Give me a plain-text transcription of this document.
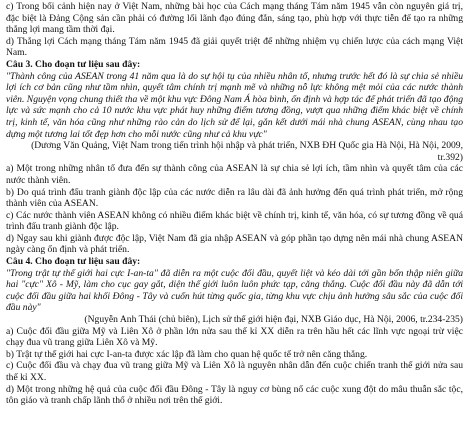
c) Trong bối cảnh hiện nay ở Việt Nam, những bài học của Cách mạng tháng Tám năm 1945 vẫn còn nguyên giá trị, đặc biệt là Đảng Cộng sản cần phải có đường lối lãnh đạo đúng đắn, sáng tạo, phù hợp với thực tiễn để tạo ra những thắng lợi mang tầm thời đại.

d) Thắng lợi Cách mạng tháng Tám năm 1945 đã giải quyết triệt để những nhiệm vụ chiến lược của cách mạng Việt Nam.

Câu 3. Cho đoạn tư liệu sau đây:

"Thành công của ASEAN trong 41 năm qua là do sự hội tụ của nhiều nhân tố, nhưng trước hết đó là sự chia sẻ nhiều lợi ích cơ bản cũng như tầm nhìn, quyết tâm chính trị mạnh mẽ và những nỗ lực không mệt mỏi của các nước thành viên. Nguyện vọng chung thiết tha về một khu vực Đông Nam Á hòa bình, ổn định và hợp tác để phát triển đã tạo động lực và sức mạnh cho cả 10 nước khu vực phát huy những điểm tương đồng, vượt qua những điểm khác biệt về chính trị, kinh tế, văn hóa cũng như những rào cản do lịch sử để lại, gắn kết dưới mái nhà chung ASEAN, cùng nhau tạo dựng một tương lai tốt đẹp hơn cho mỗi nước cũng như cả khu vực"

(Dương Văn Quảng, Việt Nam trong tiến trình hội nhập và phát triển, NXB ĐH Quốc gia Hà Nội, Hà Nội, 2009, tr.392)

a) Một trong những nhân tố đưa đến sự thành công của ASEAN là sự chia sẻ lợi ích, tầm nhìn và quyết tâm của các nước thành viên.

b) Do quá trình đấu tranh giành độc lập của các nước diễn ra lâu dài đã ảnh hưởng đến quá trình phát triển, mở rộng thành viên của ASEAN.

c) Các nước thành viên ASEAN không có nhiều điểm khác biệt về chính trị, kinh tế, văn hóa, có sự tương đồng về quá trình đấu tranh giành độc lập.

d) Ngay sau khi giành được độc lập, Việt Nam đã gia nhập ASEAN và góp phần tạo dựng nên mái nhà chung ASEAN ngày càng ổn định và phát triển.

Câu 4. Cho đoạn tư liệu sau đây:

"Trong trật tự thế giới hai cực I-an-ta" đã diễn ra một cuộc đối đầu, quyết liệt và kéo dài tới gần bốn thập niên giữa hai "cực" Xô - Mỹ, làm cho cục gay gắt, diện thế giới luôn luôn phức tạp, căng thẳng. Cuộc đối đầu này đã dẫn tới cuộc đối đầu giữa hai khối Đông - Tây và cuốn hút từng quốc gia, từng khu vực chịu ảnh hưởng sâu sắc của cuộc đối đầu này"

(Nguyễn Anh Thái (chủ biên), Lịch sử thế giới hiện đại, NXB Giáo dục, Hà Nội, 2006, tr.234-235)

a) Cuộc đối đầu giữa Mỹ và Liên Xô ở phần lớn nửa sau thế kỉ XX diễn ra trên hầu hết các lĩnh vực ngoại trừ việc chạy đua vũ trang giữa Liên Xô và Mỹ.

b) Trật tự thế giới hai cực I-an-ta được xác lập đã làm cho quan hệ quốc tế trở nên căng thẳng.

c) Cuộc đối đầu và chạy đua vũ trang giữa Mỹ và Liên Xô là nguyên nhân dẫn đến cuộc chiến tranh thế giới nửa sau thế kỉ XX.

d) Một trong những hệ quả của cuộc đối đầu Đông - Tây là nguy cơ bùng nổ các cuộc xung đột do mâu thuẫn sắc tộc, tôn giáo và tranh chấp lãnh thổ ở nhiều nơi trên thế giới.
